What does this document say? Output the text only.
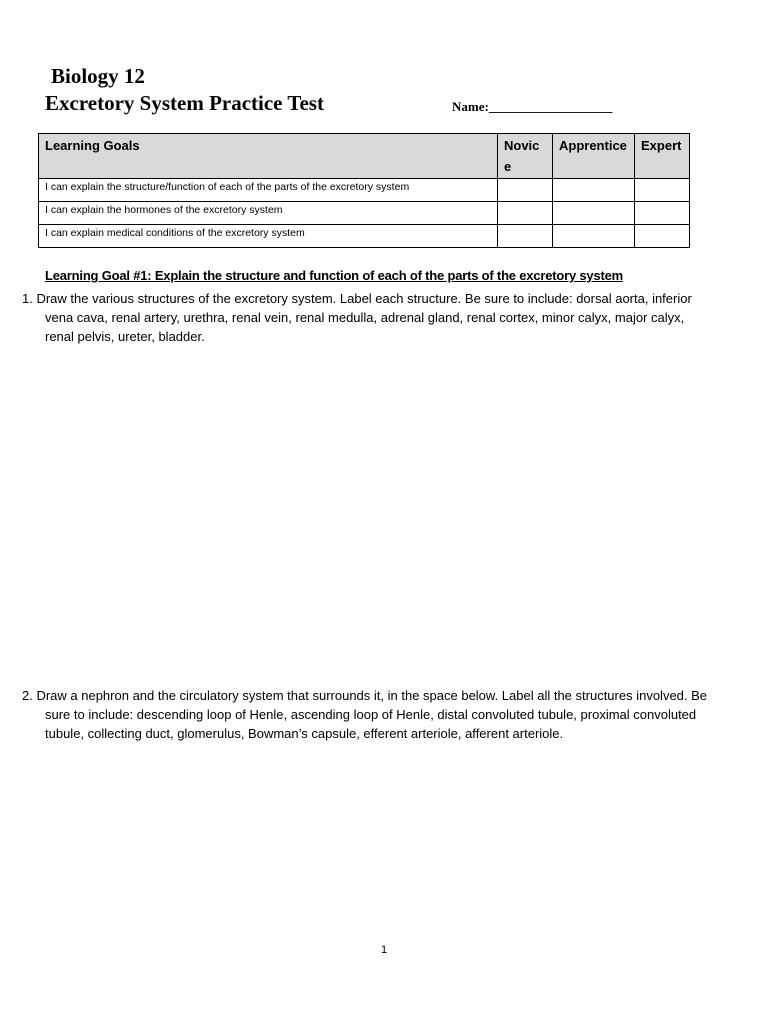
Biology 12
Excretory System Practice Test	Name:___________________
Learning Goals	Novice	Apprentice	Expert
I can explain the structure/function of each of the parts of the excretory system			
I can explain the hormones of the excretory system			
I can explain medical conditions of the excretory system			
Learning Goal #1: Explain the structure and function of each of the parts of the excretory system
1. Draw the various structures of the excretory system. Label each structure. Be sure to include: dorsal aorta, inferior vena cava, renal artery, urethra, renal vein, renal medulla, adrenal gland, renal cortex, minor calyx, major calyx, renal pelvis, ureter, bladder.
2. Draw a nephron and the circulatory system that surrounds it, in the space below. Label all the structures involved. Be sure to include: descending loop of Henle, ascending loop of Henle, distal convoluted tubule, proximal convoluted tubule, collecting duct, glomerulus, Bowman’s capsule, efferent arteriole, afferent arteriole.
1
